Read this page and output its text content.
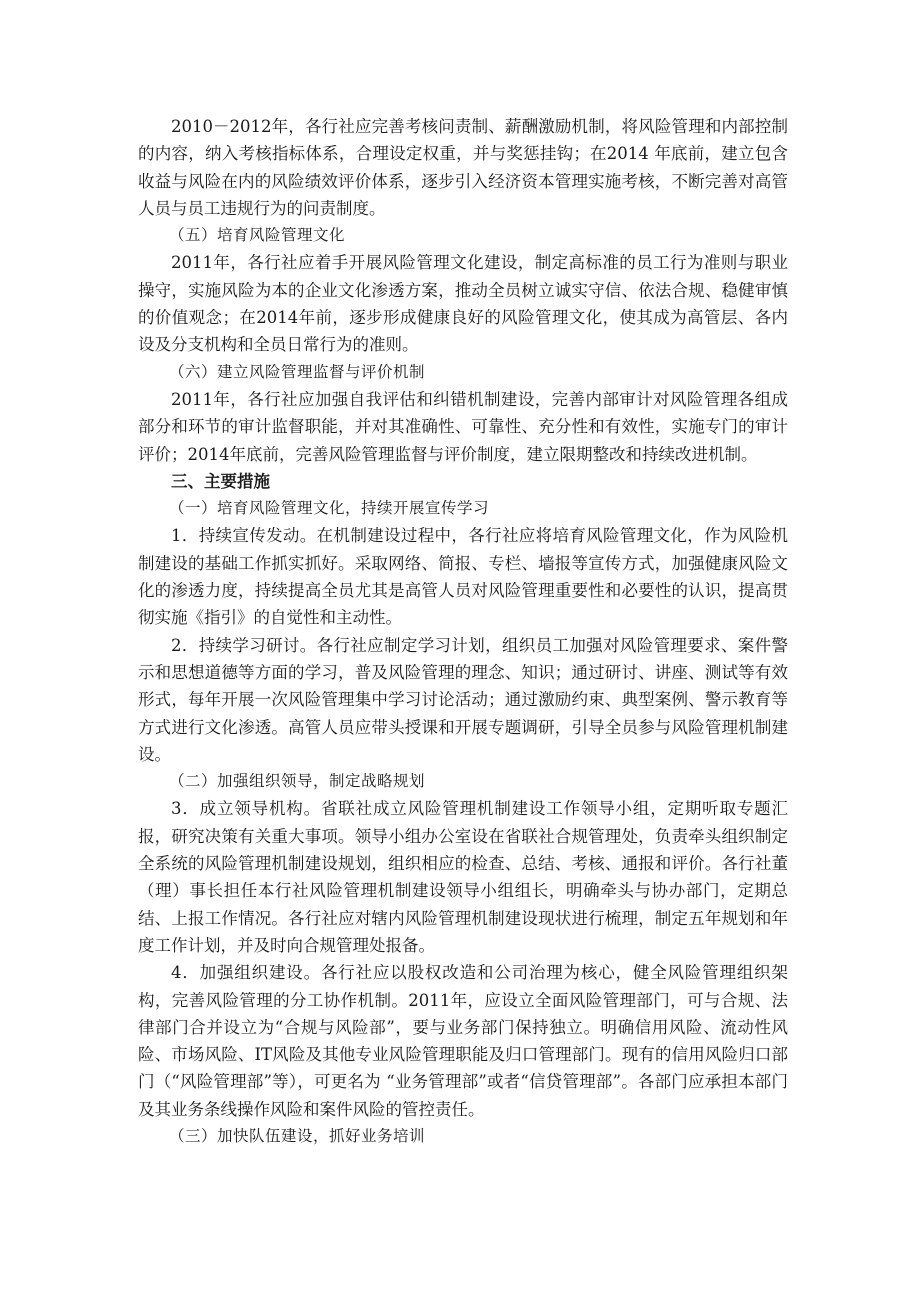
2010－2012年，各行社应完善考核问责制、薪酬激励机制，将风险管理和内部控制的内容，纳入考核指标体系，合理设定权重，并与奖惩挂钩；在2014 年底前，建立包含收益与风险在内的风险绩效评价体系，逐步引入经济资本管理实施考核，不断完善对高管人员与员工违规行为的问责制度。

（五）培育风险管理文化

2011年，各行社应着手开展风险管理文化建设，制定高标准的员工行为准则与职业操守，实施风险为本的企业文化渗透方案，推动全员树立诚实守信、依法合规、稳健审慎的价值观念；在2014年前，逐步形成健康良好的风险管理文化，使其成为高管层、各内设及分支机构和全员日常行为的准则。

（六）建立风险管理监督与评价机制

2011年，各行社应加强自我评估和纠错机制建设，完善内部审计对风险管理各组成部分和环节的审计监督职能，并对其准确性、可靠性、充分性和有效性，实施专门的审计评价；2014年底前，完善风险管理监督与评价制度，建立限期整改和持续改进机制。

三、主要措施

（一）培育风险管理文化，持续开展宣传学习

1．持续宣传发动。在机制建设过程中，各行社应将培育风险管理文化，作为风险机制建设的基础工作抓实抓好。采取网络、简报、专栏、墙报等宣传方式，加强健康风险文化的渗透力度，持续提高全员尤其是高管人员对风险管理重要性和必要性的认识，提高贯彻实施《指引》的自觉性和主动性。

2．持续学习研讨。各行社应制定学习计划，组织员工加强对风险管理要求、案件警示和思想道德等方面的学习，普及风险管理的理念、知识；通过研讨、讲座、测试等有效形式，每年开展一次风险管理集中学习讨论活动；通过激励约束、典型案例、警示教育等方式进行文化渗透。高管人员应带头授课和开展专题调研，引导全员参与风险管理机制建设。

（二）加强组织领导，制定战略规划

3．成立领导机构。省联社成立风险管理机制建设工作领导小组，定期听取专题汇报，研究决策有关重大事项。领导小组办公室设在省联社合规管理处，负责牵头组织制定全系统的风险管理机制建设规划，组织相应的检查、总结、考核、通报和评价。各行社董（理）事长担任本行社风险管理机制建设领导小组组长，明确牵头与协办部门，定期总结、上报工作情况。各行社应对辖内风险管理机制建设现状进行梳理，制定五年规划和年度工作计划，并及时向合规管理处报备。

4．加强组织建设。各行社应以股权改造和公司治理为核心，健全风险管理组织架构，完善风险管理的分工协作机制。2011年，应设立全面风险管理部门，可与合规、法律部门合并设立为“合规与风险部”，要与业务部门保持独立。明确信用风险、流动性风险、市场风险、IT风险及其他专业风险管理职能及归口管理部门。现有的信用风险归口部门（“风险管理部”等），可更名为 “业务管理部”或者“信贷管理部”。各部门应承担本部门及其业务条线操作风险和案件风险的管控责任。

（三）加快队伍建设，抓好业务培训
